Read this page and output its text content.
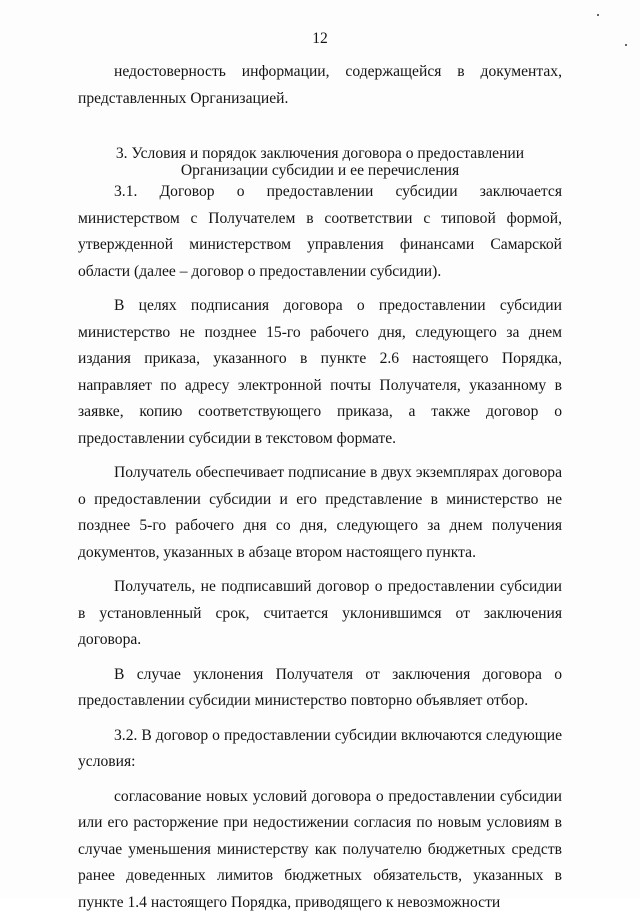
12

недостоверность информации, содержащейся в документах, представленных Организацией.

3. Условия и порядок заключения договора о предоставлении
Организации субсидии и ее перечисления

3.1. Договор о предоставлении субсидии заключается министерством с Получателем в соответствии с типовой формой, утвержденной министерством управления финансами Самарской области (далее – договор о предоставлении субсидии).

В целях подписания договора о предоставлении субсидии министерство не позднее 15-го рабочего дня, следующего за днем издания приказа, указанного в пункте 2.6 настоящего Порядка, направляет по адресу электронной почты Получателя, указанному в заявке, копию соответствующего приказа, а также договор о предоставлении субсидии в текстовом формате.

Получатель обеспечивает подписание в двух экземплярах договора о предоставлении субсидии и его представление в министерство не позднее 5-го рабочего дня со дня, следующего за днем получения документов, указанных в абзаце втором настоящего пункта.

Получатель, не подписавший договор о предоставлении субсидии в установленный срок, считается уклонившимся от заключения договора.

В случае уклонения Получателя от заключения договора о предоставлении субсидии министерство повторно объявляет отбор.

3.2. В договор о предоставлении субсидии включаются следующие условия:

согласование новых условий договора о предоставлении субсидии или его расторжение при недостижении согласия по новым условиям в случае уменьшения министерству как получателю бюджетных средств ранее доведенных лимитов бюджетных обязательств, указанных в пункте 1.4 настоящего Порядка, приводящего к невозможности
